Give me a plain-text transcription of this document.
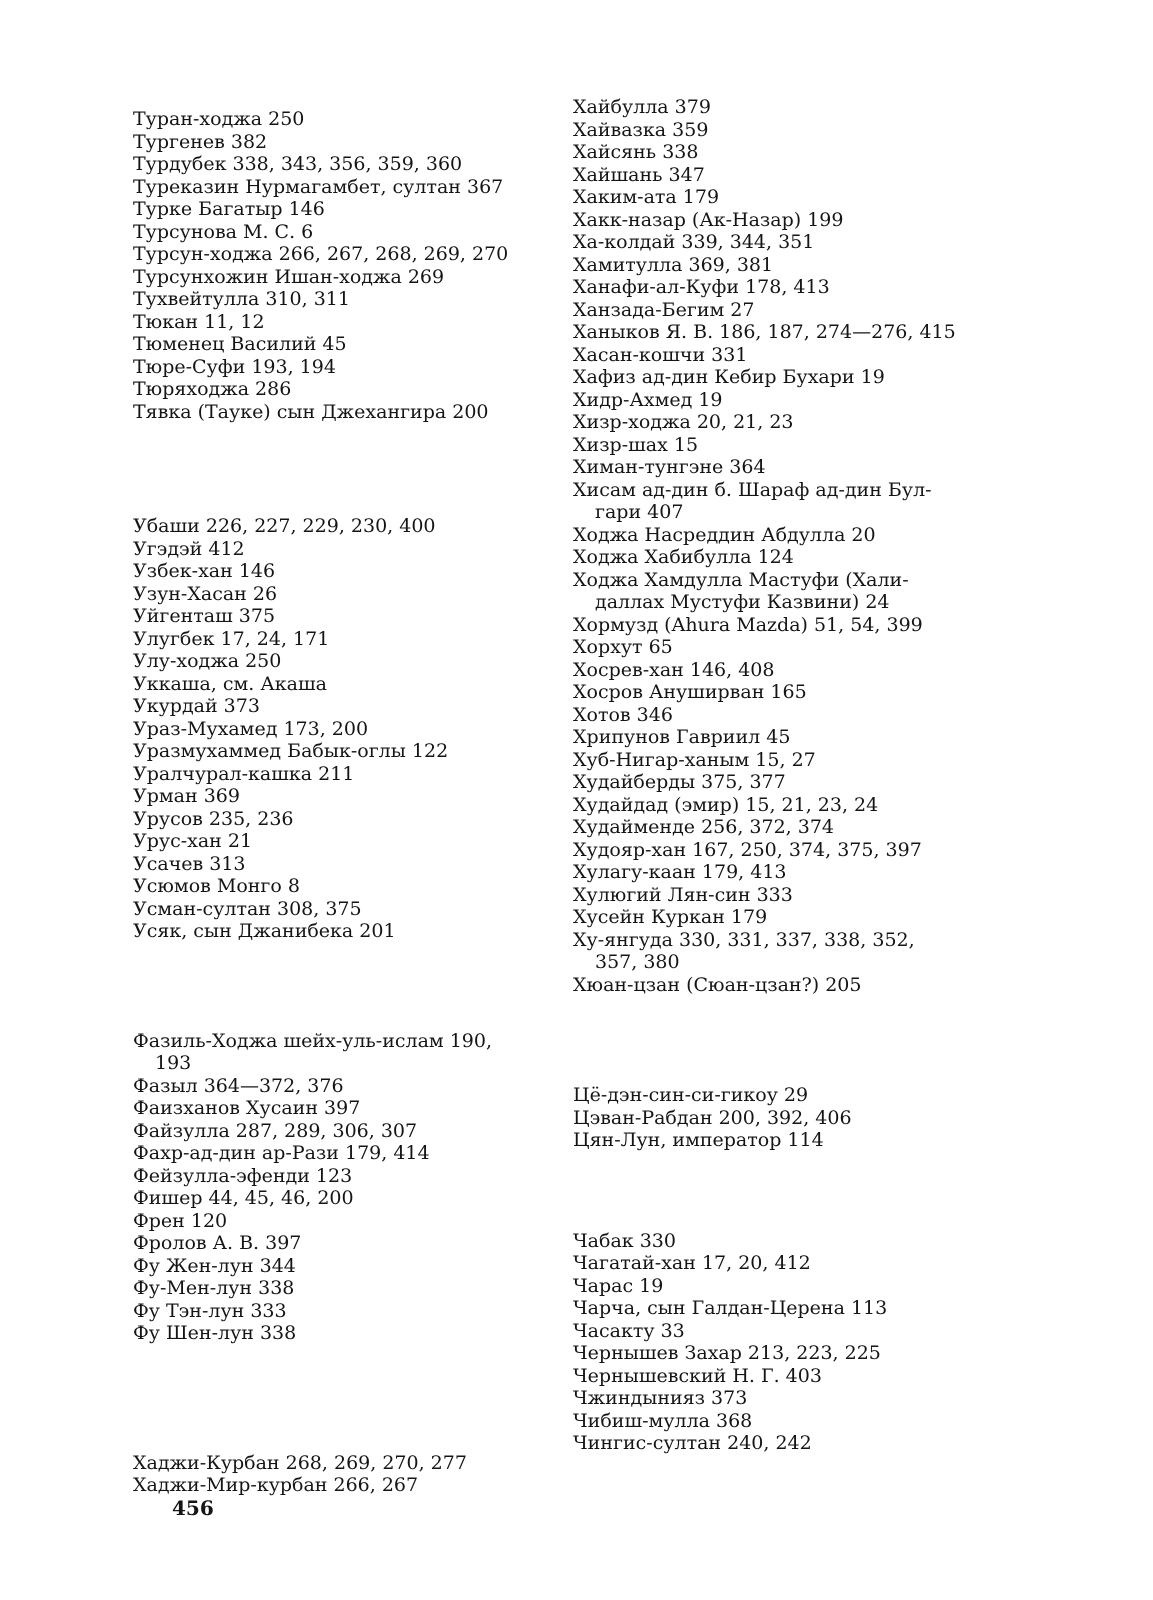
Туран-ходжа 250
Тургенев 382
Турдубек 338, 343, 356, 359, 360
Туреказин Нурмагамбет, султан 367
Турке Багатыр 146
Турсунова М. С. 6
Турсун-ходжа 266, 267, 268, 269, 270
Турсунхожин Ишан-ходжа 269
Тухвейтулла 310, 311
Тюкан 11, 12
Тюменец Василий 45
Тюре-Суфи 193, 194
Тюряходжа 286
Тявка (Тауке) сын Джехангира 200
Убаши 226, 227, 229, 230, 400
Угэдэй 412
Узбек-хан 146
Узун-Хасан 26
Уйгенташ 375
Улугбек 17, 24, 171
Улу-ходжа 250
Уккаша, см. Акаша
Укурдай 373
Ураз-Мухамед 173, 200
Уразмухаммед Бабык-оглы 122
Уралчурал-кашка 211
Урман 369
Урусов 235, 236
Урус-хан 21
Усачев 313
Усюмов Монго 8
Усман-султан 308, 375
Усяк, сын Джанибека 201
Фазиль-Ходжа шейх-уль-ислам 190,
193
Фазыл 364—372, 376
Фаизханов Хусаин 397
Файзулла 287, 289, 306, 307
Фахр-ад-дин ар-Рази 179, 414
Фейзулла-эфенди 123
Фишер 44, 45, 46, 200
Френ 120
Фролов А. В. 397
Фу Жен-лун 344
Фу-Мен-лун 338
Фу Тэн-лун 333
Фу Шен-лун 338
Хаджи-Курбан 268, 269, 270, 277
Хаджи-Мир-курбан 266, 267
Хайбулла 379
Хайвазка 359
Хайсянь 338
Хайшань 347
Хаким-ата 179
Хакк-назар (Ак-Назар) 199
Ха-колдай 339, 344, 351
Хамитулла 369, 381
Ханафи-ал-Куфи 178, 413
Ханзада-Бегим 27
Ханыков Я. В. 186, 187, 274—276, 415
Хасан-кошчи 331
Хафиз ад-дин Кебир Бухари 19
Хидр-Ахмед 19
Хизр-ходжа 20, 21, 23
Хизр-шах 15
Химан-тунгэне 364
Хисам ад-дин б. Шараф ад-дин Бул-
гари 407
Ходжа Насреддин Абдулла 20
Ходжа Хабибулла 124
Ходжа Хамдулла Мастуфи (Хали-
даллах Мустуфи Казвини) 24
Хормузд (Ahura Mazda) 51, 54, 399
Хорхут 65
Хосрев-хан 146, 408
Хосров Ануширван 165
Хотов 346
Хрипунов Гавриил 45
Хуб-Нигар-ханым 15, 27
Худайберды 375, 377
Худайдад (эмир) 15, 21, 23, 24
Худайменде 256, 372, 374
Худояр-хан 167, 250, 374, 375, 397
Хулагу-каан 179, 413
Хулюгий Лян-син 333
Хусейн Куркан 179
Ху-янгуда 330, 331, 337, 338, 352,
357, 380
Хюан-цзан (Сюан-цзан?) 205
Цё-дэн-син-си-гикоу 29
Цэван-Рабдан 200, 392, 406
Цян-Лун, император 114
Чабак 330
Чагатай-хан 17, 20, 412
Чарас 19
Чарча, сын Галдан-Церена 113
Часакту 33
Чернышев Захар 213, 223, 225
Чернышевский Н. Г. 403
Чжиндынияз 373
Чибиш-мулла 368
Чингис-султан 240, 242
456
